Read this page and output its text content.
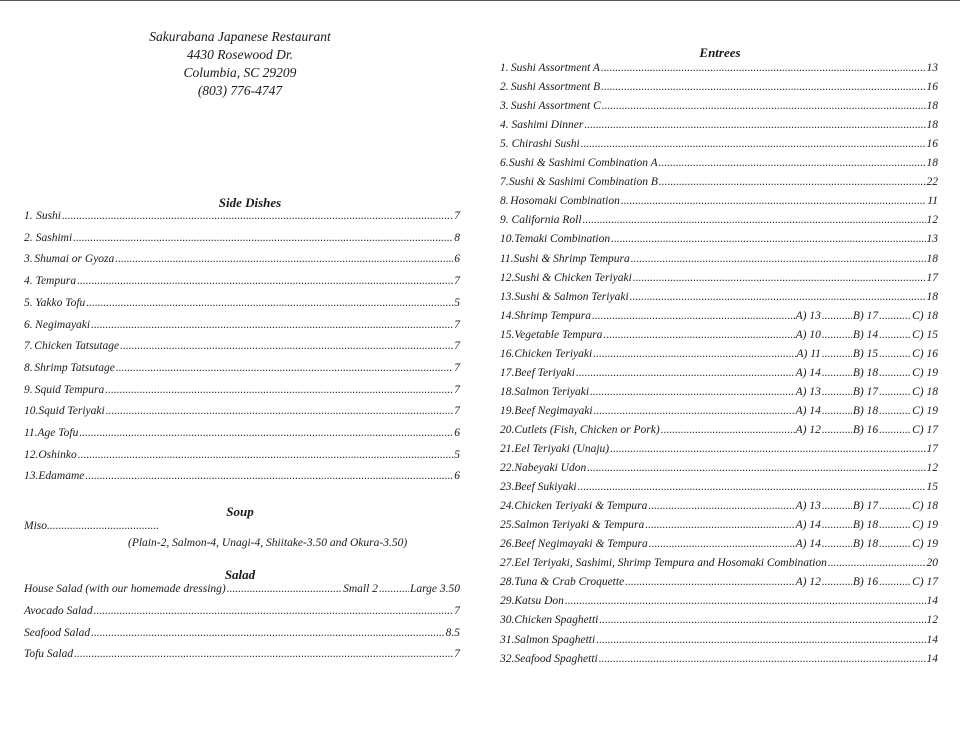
Sakurabana Japanese Restaurant
4430 Rosewood Dr.
Columbia, SC 29209
(803) 776-4747
Side Dishes
1. Sushi .....	7
2. Sashimi .....	8
3. Shumai or Gyoza .....	6
4. Tempura .....	7
5. Yakko Tofu .....	5
6. Negimayaki .....	7
7. Chicken Tatsutage .....	7
8. Shrimp Tatsutage .....	7
9. Squid Tempura .....	7
10. Squid Teriyaki .....	7
11. Age Tofu .....	6
12. Oshinko .....	5
13. Edamame .....	6
Soup
Miso.......................................
(Plain-2, Salmon-4, Unagi-4, Shiitake-3.50 and Okura-3.50)
Salad
House Salad (with our homemade dressing) .....	Small 2 .....	Large 3.50
Avocado Salad .....	7
Seafood Salad .....	8.5
Tofu Salad .....	7
Entrees
1. Sushi Assortment A .....	13
2. Sushi Assortment B .....	16
3. Sushi Assortment C .....	18
4. Sashimi Dinner .....	18
5. Chirashi Sushi .....	16
6. Sushi & Sashimi Combination A .....	18
7. Sushi & Sashimi Combination B .....	22
8. Hosomaki Combination .....	11
9. California Roll .....	12
10. Temaki Combination .....	13
11. Sushi & Shrimp Tempura .....	18
12. Sushi & Chicken Teriyaki .....	17
13. Sushi & Salmon Teriyaki .....	18
14. Shrimp Tempura .....	A) 13 .....	B) 17 .....	C) 18
15. Vegetable Tempura .....	A) 10 .....	B) 14 .....	C) 15
16. Chicken Teriyaki .....	A) 11 .....	B) 15 .....	C) 16
17. Beef Teriyaki .....	A) 14 .....	B) 18 .....	C) 19
18. Salmon Teriyaki .....	A) 13 .....	B) 17 .....	C) 18
19. Beef Negimayaki .....	A) 14 .....	B) 18 .....	C) 19
20. Cutlets (Fish, Chicken or Pork) .....	A) 12 .....	B) 16 .....	C) 17
21. Eel Teriyaki (Unaju) .....	17
22. Nabeyaki Udon .....	12
23. Beef Sukiyaki .....	15
24. Chicken Teriyaki & Tempura .....	A) 13 .....	B) 17 .....	C) 18
25. Salmon Teriyaki & Tempura .....	A) 14 .....	B) 18 .....	C) 19
26. Beef Negimayaki & Tempura .....	A) 14 .....	B) 18 .....	C) 19
27. Eel Teriyaki, Sashimi, Shrimp Tempura and Hosomaki Combination .....	20
28. Tuna & Crab Croquette .....	A) 12 .....	B) 16 .....	C) 17
29. Katsu Don .....	14
30. Chicken Spaghetti .....	12
31. Salmon Spaghetti .....	14
32. Seafood Spaghetti .....	14
